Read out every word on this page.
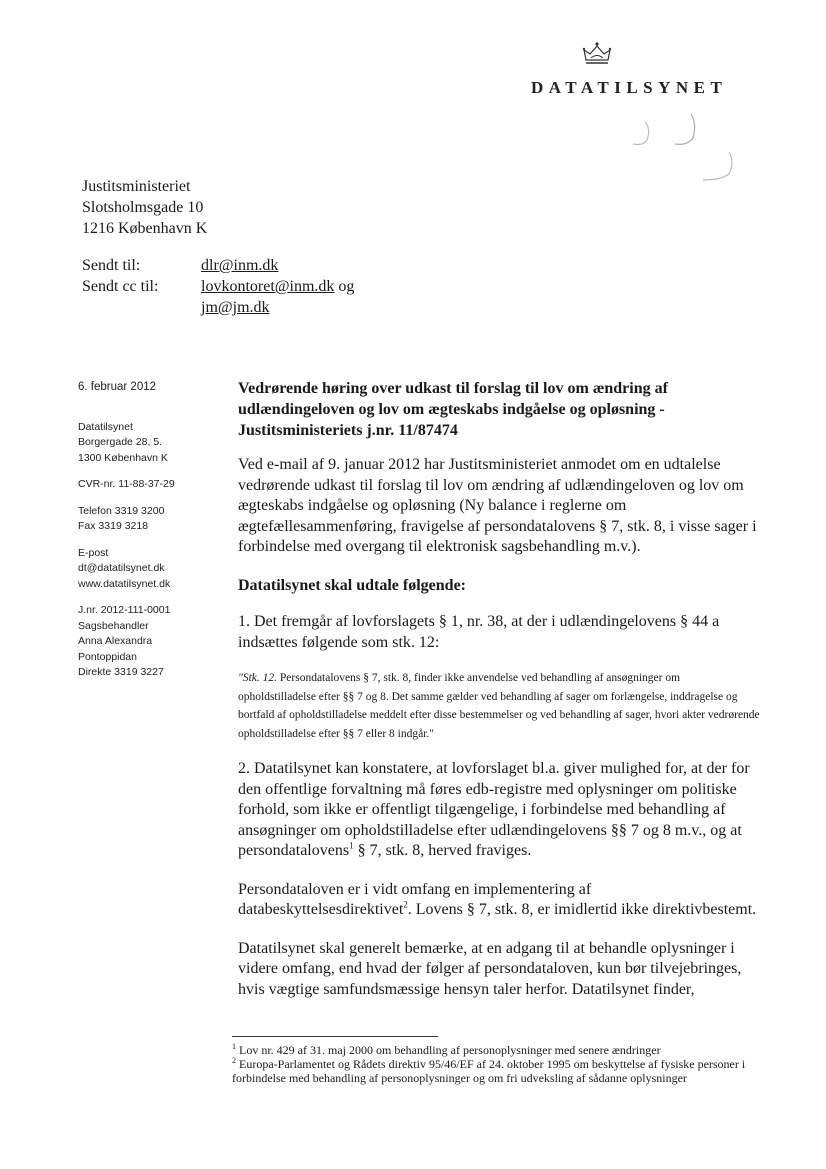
DATATILSYNET
Justitsministeriet
Slotsholmsgade 10
1216 København K
Sendt til:	dlr@inm.dk
Sendt cc til:	lovkontoret@inm.dk og
jm@jm.dk
6. februar 2012
Datatilsynet
Borgergade 28, 5.
1300 København K
CVR-nr. 11-88-37-29
Telefon 3319 3200
Fax 3319 3218
E-post
dt@datatilsynet.dk
www.datatilsynet.dk
J.nr. 2012-111-0001
Sagsbehandler
Anna Alexandra
Pontoppidan
Direkte 3319 3227
Vedrørende høring over udkast til forslag til lov om ændring af udlændingeloven og lov om ægteskabs indgåelse og opløsning - Justitsministeriets j.nr. 11/87474

Ved e-mail af 9. januar 2012 har Justitsministeriet anmodet om en udtalelse vedrørende udkast til forslag til lov om ændring af udlændingeloven og lov om ægteskabs indgåelse og opløsning (Ny balance i reglerne om ægtefællesammenføring, fravigelse af persondatalovens § 7, stk. 8, i visse sager i forbindelse med overgang til elektronisk sagsbehandling m.v.).

Datatilsynet skal udtale følgende:

1. Det fremgår af lovforslagets § 1, nr. 38, at der i udlændingelovens § 44 a indsættes følgende som stk. 12:

"Stk. 12. Persondatalovens § 7, stk. 8, finder ikke anvendelse ved behandling af ansøgninger om opholdstilladelse efter §§ 7 og 8. Det samme gælder ved behandling af sager om forlængelse, inddragelse og bortfald af opholdstilladelse meddelt efter disse bestemmelser og ved behandling af sager, hvori akter vedrørende opholdstilladelse efter §§ 7 eller 8 indgår."

2. Datatilsynet kan konstatere, at lovforslaget bl.a. giver mulighed for, at der for den offentlige forvaltning må føres edb-registre med oplysninger om politiske forhold, som ikke er offentligt tilgængelige, i forbindelse med behandling af ansøgninger om opholdstilladelse efter udlændingelovens §§ 7 og 8 m.v., og at persondatalovens$^1$ § 7, stk. 8, herved fraviges.

Persondataloven er i vidt omfang en implementering af databeskyttelsesdirektivet$^2$. Lovens § 7, stk. 8, er imidlertid ikke direktivbestemt.

Datatilsynet skal generelt bemærke, at en adgang til at behandle oplysninger i videre omfang, end hvad der følger af persondataloven, kun bør tilvejebringes, hvis vægtige samfundsmæssige hensyn taler herfor. Datatilsynet finder,

$^1$ Lov nr. 429 af 31. maj 2000 om behandling af personoplysninger med senere ændringer
$^2$ Europa-Parlamentet og Rådets direktiv 95/46/EF af 24. oktober 1995 om beskyttelse af fysiske personer i forbindelse med behandling af personoplysninger og om fri udveksling af sådanne oplysninger
